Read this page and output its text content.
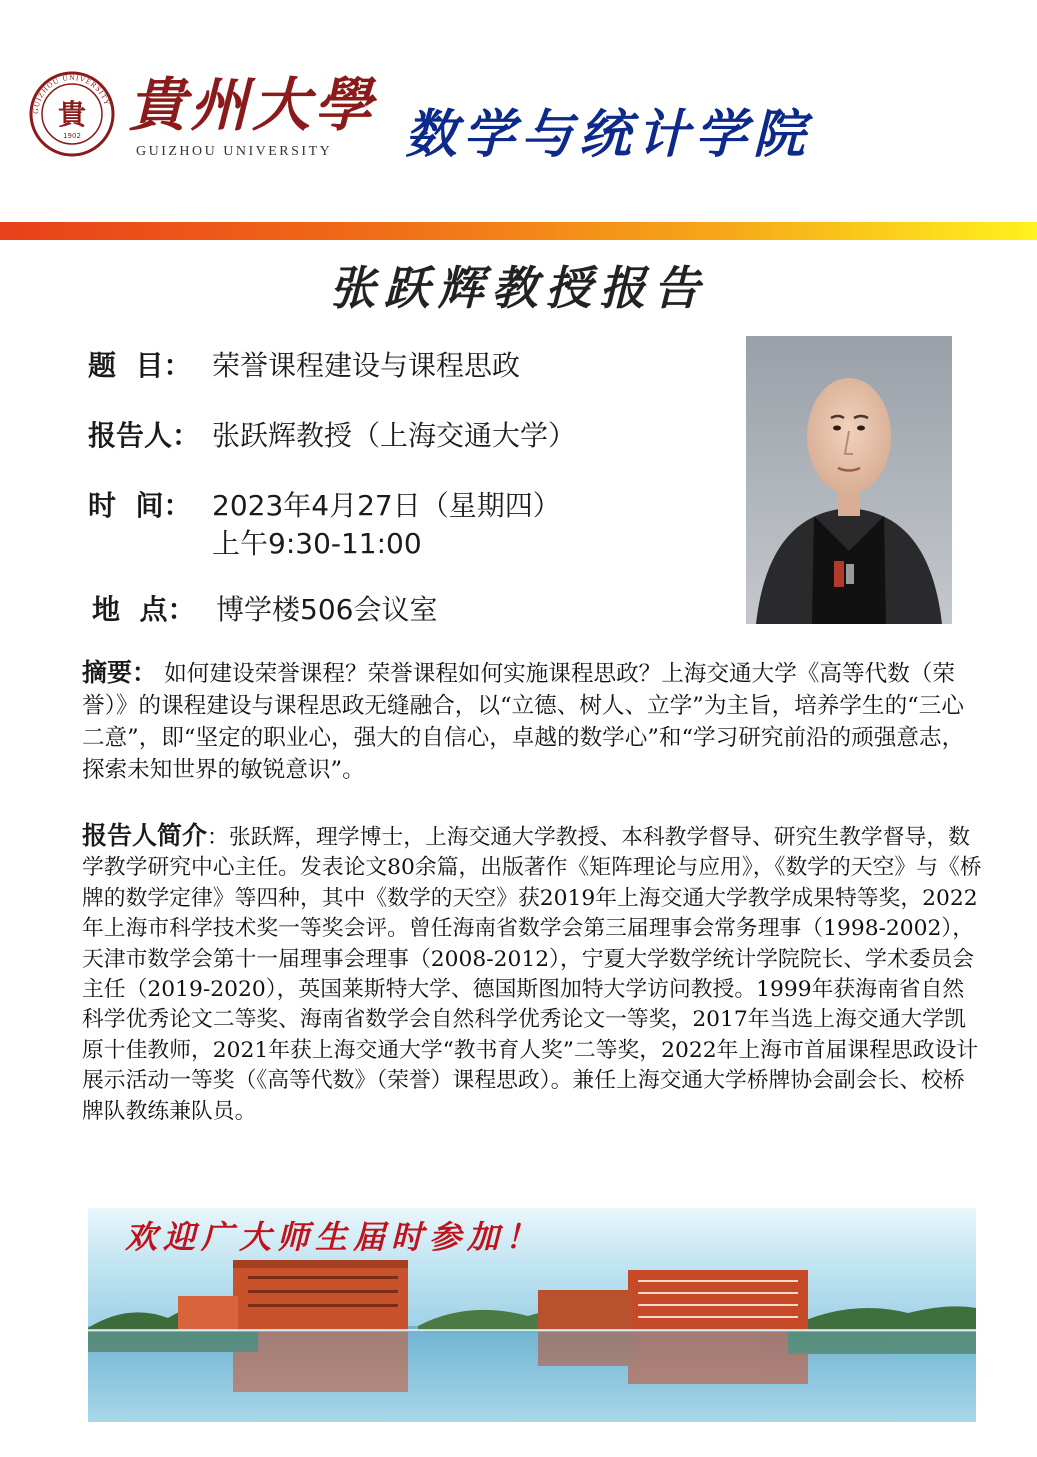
GUIZHOU UNIVERSITY
貴
1902 貴州大學
GUIZHOU UNIVERSITY 数学与统计学院
张跃辉教授报告
题  目： 荣誉课程建设与课程思政
报告人： 张跃辉教授（上海交通大学）
时  间： 2023年4月27日（星期四）
上午9:30-11:00
地  点： 博学楼506会议室
摘要： 如何建设荣誉课程？荣誉课程如何实施课程思政？上海交通大学《高等代数（荣誉）》的课程建设与课程思政无缝融合，以“立德、树人、立学”为主旨，培养学生的“三心二意”，即“坚定的职业心，强大的自信心，卓越的数学心”和“学习研究前沿的顽强意志，探索未知世界的敏锐意识”。
报告人简介：张跃辉，理学博士，上海交通大学教授、本科教学督导、研究生教学督导，数学教学研究中心主任。发表论文80余篇，出版著作《矩阵理论与应用》，《数学的天空》与《桥牌的数学定律》等四种，其中《数学的天空》获2019年上海交通大学教学成果特等奖，2022年上海市科学技术奖一等奖会评。曾任海南省数学会第三届理事会常务理事（1998-2002），天津市数学会第十一届理事会理事（2008-2012），宁夏大学数学统计学院院长、学术委员会主任（2019-2020），英国莱斯特大学、德国斯图加特大学访问教授。1999年获海南省自然科学优秀论文二等奖、海南省数学会自然科学优秀论文一等奖，2017年当选上海交通大学凯原十佳教师，2021年获上海交通大学“教书育人奖”二等奖，2022年上海市首届课程思政设计展示活动一等奖（《高等代数》（荣誉）课程思政）。兼任上海交通大学桥牌协会副会长、校桥牌队教练兼队员。
欢迎广大师生届时参加！
